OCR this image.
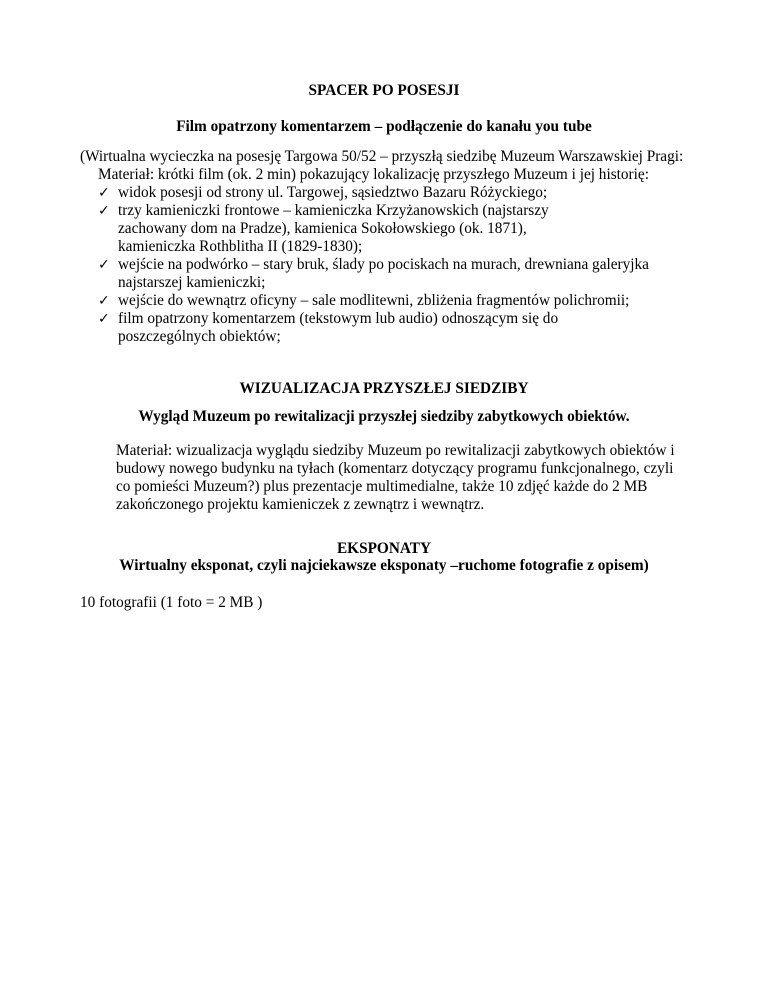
SPACER PO POSESJI
Film opatrzony komentarzem – podłączenie do kanału you tube
(Wirtualna wycieczka na posesję Targowa 50/52 – przyszłą siedzibę Muzeum Warszawskiej Pragi:
Materiał: krótki film (ok. 2 min) pokazujący lokalizację przyszłego Muzeum i jej historię:
✓ widok posesji od strony ul. Targowej, sąsiedztwo Bazaru Różyckiego;
✓ trzy kamieniczki frontowe – kamieniczka Krzyżanowskich (najstarszy zachowany dom na Pradze), kamienica Sokołowskiego (ok. 1871), kamieniczka Rothblitha II (1829-1830);
✓ wejście na podwórko – stary bruk, ślady po pociskach na murach, drewniana galeryjka najstarszej kamieniczki;
✓ wejście do wewnątrz oficyny – sale modlitewni, zbliżenia fragmentów polichromii;
✓ film opatrzony komentarzem (tekstowym lub audio) odnoszącym się do poszczególnych obiektów;
WIZUALIZACJA PRZYSZŁEJ SIEDZIBY
Wygląd Muzeum po rewitalizacji przyszłej siedziby zabytkowych obiektów.
Materiał: wizualizacja wyglądu siedziby Muzeum po rewitalizacji zabytkowych obiektów i budowy nowego budynku na tyłach (komentarz dotyczący programu funkcjonalnego, czyli co pomieści Muzeum?) plus prezentacje multimedialne, także 10 zdjęć każde do 2 MB zakończonego projektu kamieniczek z zewnątrz i wewnątrz.
EKSPONATY
Wirtualny eksponat, czyli najciekawsze eksponaty –ruchome fotografie z opisem)
10 fotografii (1 foto = 2 MB )
